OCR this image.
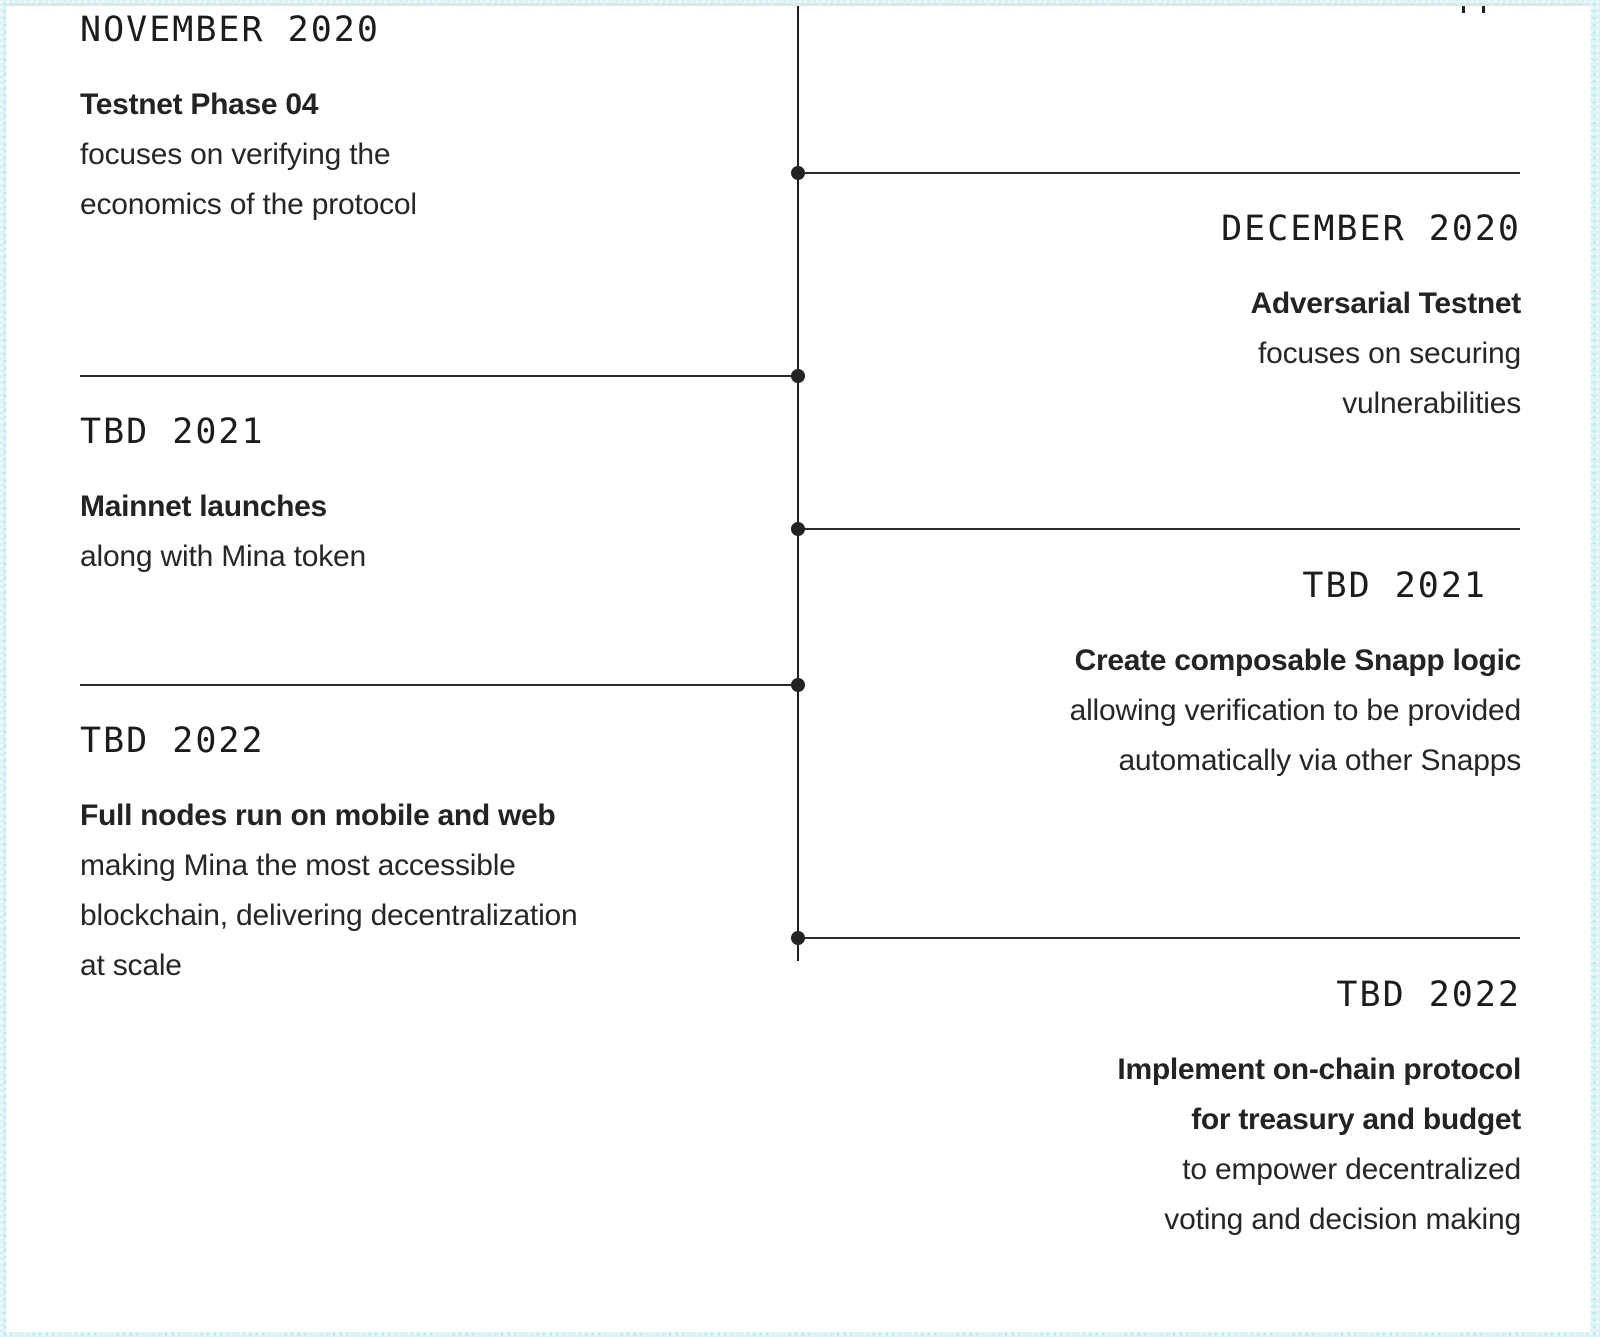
NOVEMBER 2020
Testnet Phase 04
focuses on verifying the
economics of the protocol
DECEMBER 2020
Adversarial Testnet
focuses on securing
vulnerabilities
TBD 2021
Mainnet launches
along with Mina token
TBD 2021
Create composable Snapp logic
allowing verification to be provided
automatically via other Snapps
TBD 2022
Full nodes run on mobile and web
making Mina the most accessible
blockchain, delivering decentralization
at scale
TBD 2022
Implement on-chain protocol
for treasury and budget
to empower decentralized
voting and decision making
